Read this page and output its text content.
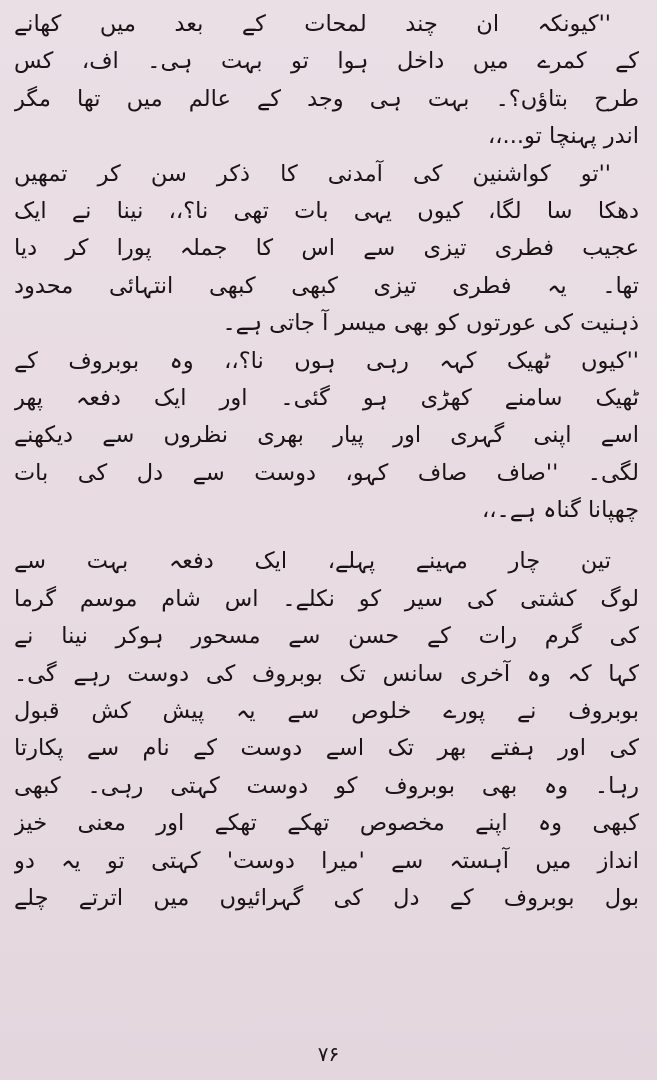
''کیونکہ ان چند لمحات کے بعد میں کھانے
کے کمرے میں داخل ہوا تو بہت ہی۔ اف، کس
طرح بتاؤں؟۔ بہت ہی وجد کے عالم میں تھا مگر
اندر پہنچا تو...،،
''تو کواشنین کی آمدنی کا ذکر سن کر تمھیں
دھکا سا لگا، کیوں یہی بات تھی نا؟،، نینا نے ایک
عجیب فطری تیزی سے اس کا جملہ پورا کر دیا
تھا۔ یہ فطری تیزی کبھی کبھی انتہائی محدود
ذہنیت کی عورتوں کو بھی میسر آ جاتی ہے۔
''کیوں ٹھیک کہہ رہی ہوں نا؟،، وہ بوبروف کے
ٹھیک سامنے کھڑی ہو گئی۔ اور ایک دفعہ پھر
اسے اپنی گہری اور پیار بھری نظروں سے دیکھنے
لگی۔ ''صاف صاف کہو، دوست سے دل کی بات
چھپانا گناہ ہے۔،،
تین چار مہینے پہلے، ایک دفعہ بہت سے
لوگ کشتی کی سیر کو نکلے۔ اس شام موسم گرما
کی گرم رات کے حسن سے مسحور ہوکر نینا نے
کہا کہ وہ آخری سانس تک بوبروف کی دوست رہے گی۔
بوبروف نے پورے خلوص سے یہ پیش کش قبول
کی اور ہفتے بھر تک اسے دوست کے نام سے پکارتا
رہا۔ وہ بھی بوبروف کو دوست کہتی رہی۔ کبھی
کبھی وہ اپنے مخصوص تھکے تھکے اور معنی خیز
انداز میں آہستہ سے 'میرا دوست' کہتی تو یہ دو
بول بوبروف کے دل کی گہرائیوں میں اترتے چلے
۷۶
